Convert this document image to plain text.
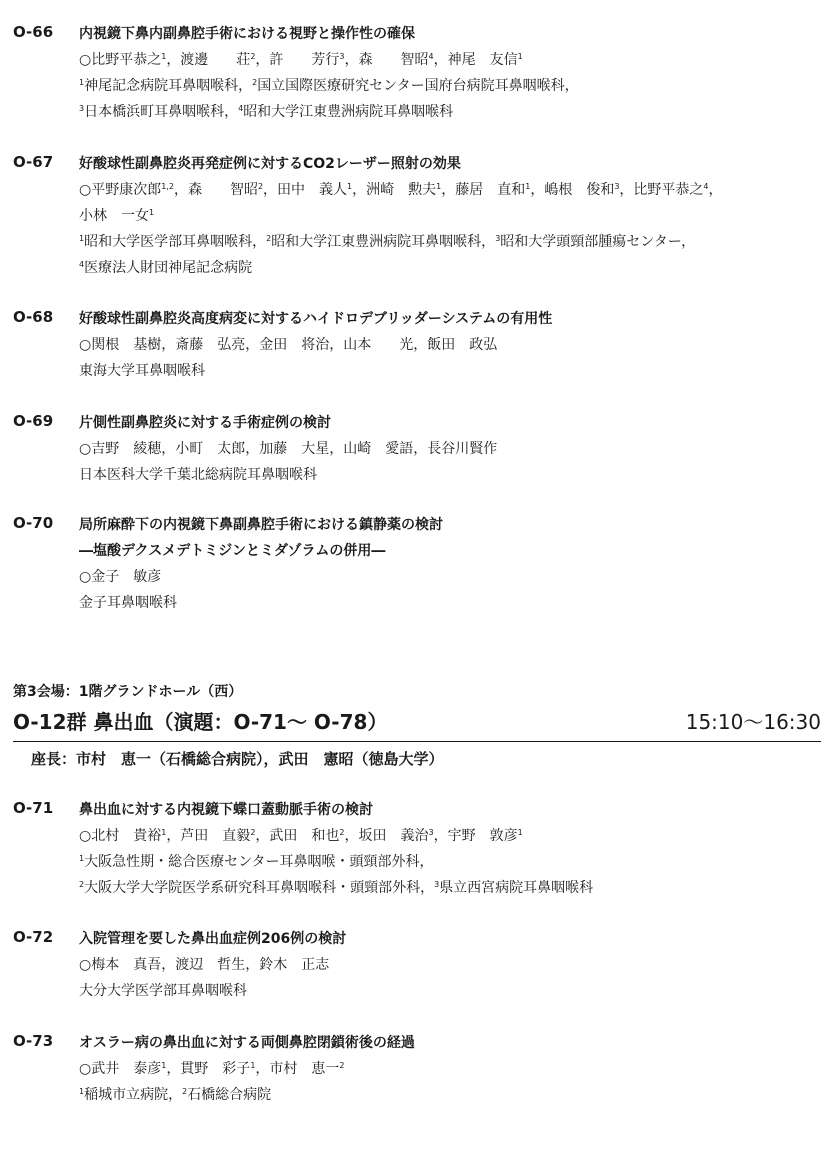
O-66 内視鏡下鼻内副鼻腔手術における視野と操作性の確保
○比野平恭之$^1$，渡邊　　荘$^2$，許　　芳行$^3$，森　　智昭$^4$，神尾　友信$^1$
$^1$神尾記念病院耳鼻咽喉科，$^2$国立国際医療研究センター国府台病院耳鼻咽喉科，
$^3$日本橋浜町耳鼻咽喉科，$^4$昭和大学江東豊洲病院耳鼻咽喉科
O-67 好酸球性副鼻腔炎再発症例に対するCO2レーザー照射の効果
○平野康次郎$^{1,2}$，森　　智昭$^2$，田中　義人$^1$，洲崎　勲夫$^1$，藤居　直和$^1$，嶋根　俊和$^3$，比野平恭之$^4$，
小林　一女$^1$
$^1$昭和大学医学部耳鼻咽喉科，$^2$昭和大学江東豊洲病院耳鼻咽喉科，$^3$昭和大学頭頸部腫瘍センター，
$^4$医療法人財団神尾記念病院
O-68 好酸球性副鼻腔炎高度病変に対するハイドロデブリッダーシステムの有用性
○関根　基樹，斎藤　弘亮，金田　将治，山本　　光，飯田　政弘
東海大学耳鼻咽喉科
O-69 片側性副鼻腔炎に対する手術症例の検討
○吉野　綾穂，小町　太郎，加藤　大星，山崎　愛語，長谷川賢作
日本医科大学千葉北総病院耳鼻咽喉科
O-70 局所麻酔下の内視鏡下鼻副鼻腔手術における鎮静薬の検討
―塩酸デクスメデトミジンとミダゾラムの併用―
○金子　敏彦
金子耳鼻咽喉科
第3会場：1階グランドホール（西）
O-12群 鼻出血（演題：O-71～ O-78）	15:10～16:30
座長：市村　恵一（石橋総合病院），武田　憲昭（徳島大学）
O-71 鼻出血に対する内視鏡下蝶口蓋動脈手術の検討
○北村　貴裕$^1$，芦田　直毅$^2$，武田　和也$^2$，坂田　義治$^3$，宇野　敦彦$^1$
$^1$大阪急性期・総合医療センター耳鼻咽喉・頭頸部外科，
$^2$大阪大学大学院医学系研究科耳鼻咽喉科・頭頸部外科，$^3$県立西宮病院耳鼻咽喉科
O-72 入院管理を要した鼻出血症例206例の検討
○梅本　真吾，渡辺　哲生，鈴木　正志
大分大学医学部耳鼻咽喉科
O-73 オスラー病の鼻出血に対する両側鼻腔閉鎖術後の経過
○武井　泰彦$^1$，貫野　彩子$^1$，市村　恵一$^2$
$^1$稲城市立病院，$^2$石橋総合病院
